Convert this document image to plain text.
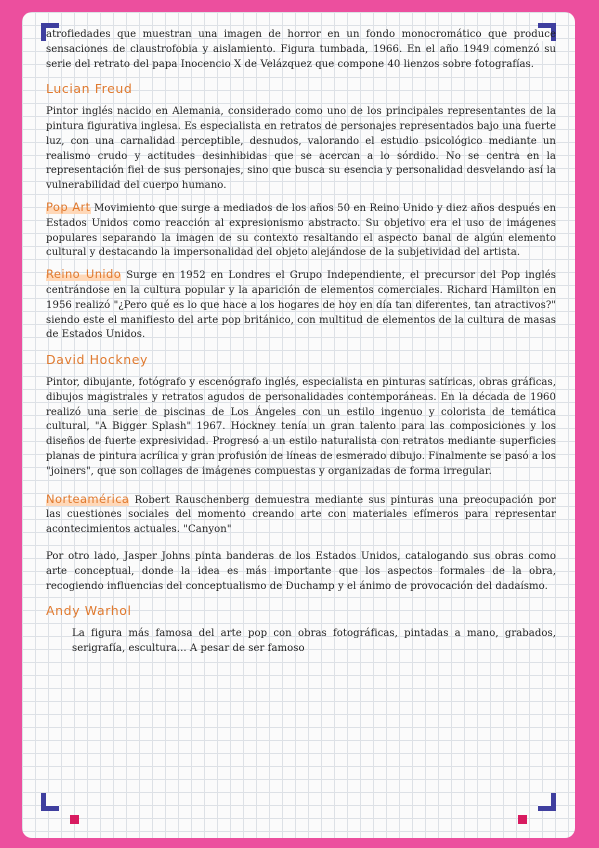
atrofiedades que muestran una imagen de horror en un fondo monocromático que produce sensaciones de claustrofobia y aislamiento. Figura tumbada, 1966. En el año 1949 comenzó su serie del retrato del papa Inocencio X de Velázquez que compone 40 lienzos sobre fotografías.

Lucian Freud

Pintor inglés nacido en Alemania, considerado como uno de los principales representantes de la pintura figurativa inglesa. Es especialista en retratos de personajes representados bajo una fuerte luz, con una carnalidad perceptible, desnudos, valorando el estudio psicológico mediante un realismo crudo y actitudes desinhibidas que se acercan a lo sórdido. No se centra en la representación fiel de sus personajes, sino que busca su esencia y personalidad desvelando así la vulnerabilidad del cuerpo humano.

Pop Art Movimiento que surge a mediados de los años 50 en Reino Unido y diez años después en Estados Unidos como reacción al expresionismo abstracto. Su objetivo era el uso de imágenes populares separando la imagen de su contexto resaltando el aspecto banal de algún elemento cultural y destacando la impersonalidad del objeto alejándose de la subjetividad del artista.

Reino Unido Surge en 1952 en Londres el Grupo Independiente, el precursor del Pop inglés centrándose en la cultura popular y la aparición de elementos comerciales. Richard Hamilton en 1956 realizó "¿Pero qué es lo que hace a los hogares de hoy en día tan diferentes, tan atractivos?" siendo este el manifiesto del arte pop británico, con multitud de elementos de la cultura de masas de Estados Unidos.

David Hockney

Pintor, dibujante, fotógrafo y escenógrafo inglés, especialista en pinturas satíricas, obras gráficas, dibujos magistrales y retratos agudos de personalidades contemporáneas. En la década de 1960 realizó una serie de piscinas de Los Ángeles con un estilo ingenuo y colorista de temática cultural, "A Bigger Splash" 1967. Hockney tenía un gran talento para las composiciones y los diseños de fuerte expresividad. Progresó a un estilo naturalista con retratos mediante superficies planas de pintura acrílica y gran profusión de líneas de esmerado dibujo. Finalmente se pasó a los "joiners", que son collages de imágenes compuestas y organizadas de forma irregular.

Norteamérica Robert Rauschenberg demuestra mediante sus pinturas una preocupación por las cuestiones sociales del momento creando arte con materiales efímeros para representar acontecimientos actuales. "Canyon"

Por otro lado, Jasper Johns pinta banderas de los Estados Unidos, catalogando sus obras como arte conceptual, donde la idea es más importante que los aspectos formales de la obra, recogiendo influencias del conceptualismo de Duchamp y el ánimo de provocación del dadaísmo.

Andy Warhol

La figura más famosa del arte pop con obras fotográficas, pintadas a mano, grabados, serigrafía, escultura... A pesar de ser famoso
